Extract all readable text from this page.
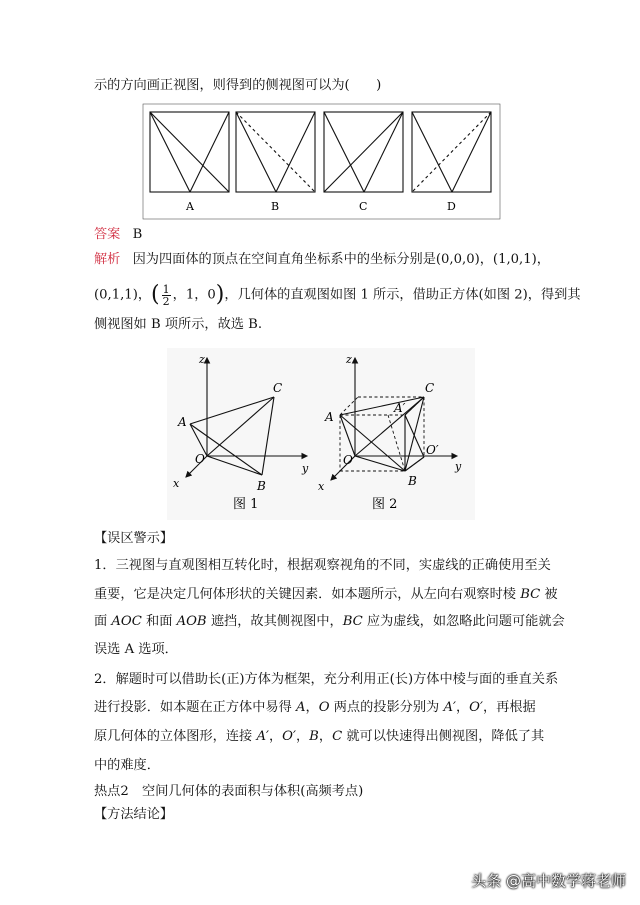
示的方向画正视图，则得到的侧视图可以为(　　)
A	B	C	D
答案 B
解析 因为四面体的顶点在空间直角坐标系中的坐标分别是(0,0,0)，(1,0,1)，
(0,1,1)，( $\frac{1}{2}$ ，1，0)，几何体的直观图如图 1 所示，借助正方体(如图 2)，得到其
侧视图如 B 项所示，故选 B.
z
y
x
A
C
O
B
图 1
z
y
x
A
A′
C
O
O′
B
图 2
【误区警示】
1．三视图与直观图相互转化时，根据观察视角的不同，实虚线的正确使用至关
重要，它是决定几何体形状的关键因素．如本题所示，从左向右观察时棱 BC 被
面 AOC 和面 AOB 遮挡，故其侧视图中，BC 应为虚线，如忽略此问题可能就会
误选 A 选项．
2．解题时可以借助长(正)方体为框架，充分利用正(长)方体中棱与面的垂直关系
进行投影．如本题在正方体中易得 A，O 两点的投影分别为 A′，O′，再根据
原几何体的立体图形，连接 A′，O′，B，C 就可以快速得出侧视图，降低了其
中的难度．
热点2　空间几何体的表面积与体积(高频考点)
【方法结论】
头条 @高中数学蒋老师
